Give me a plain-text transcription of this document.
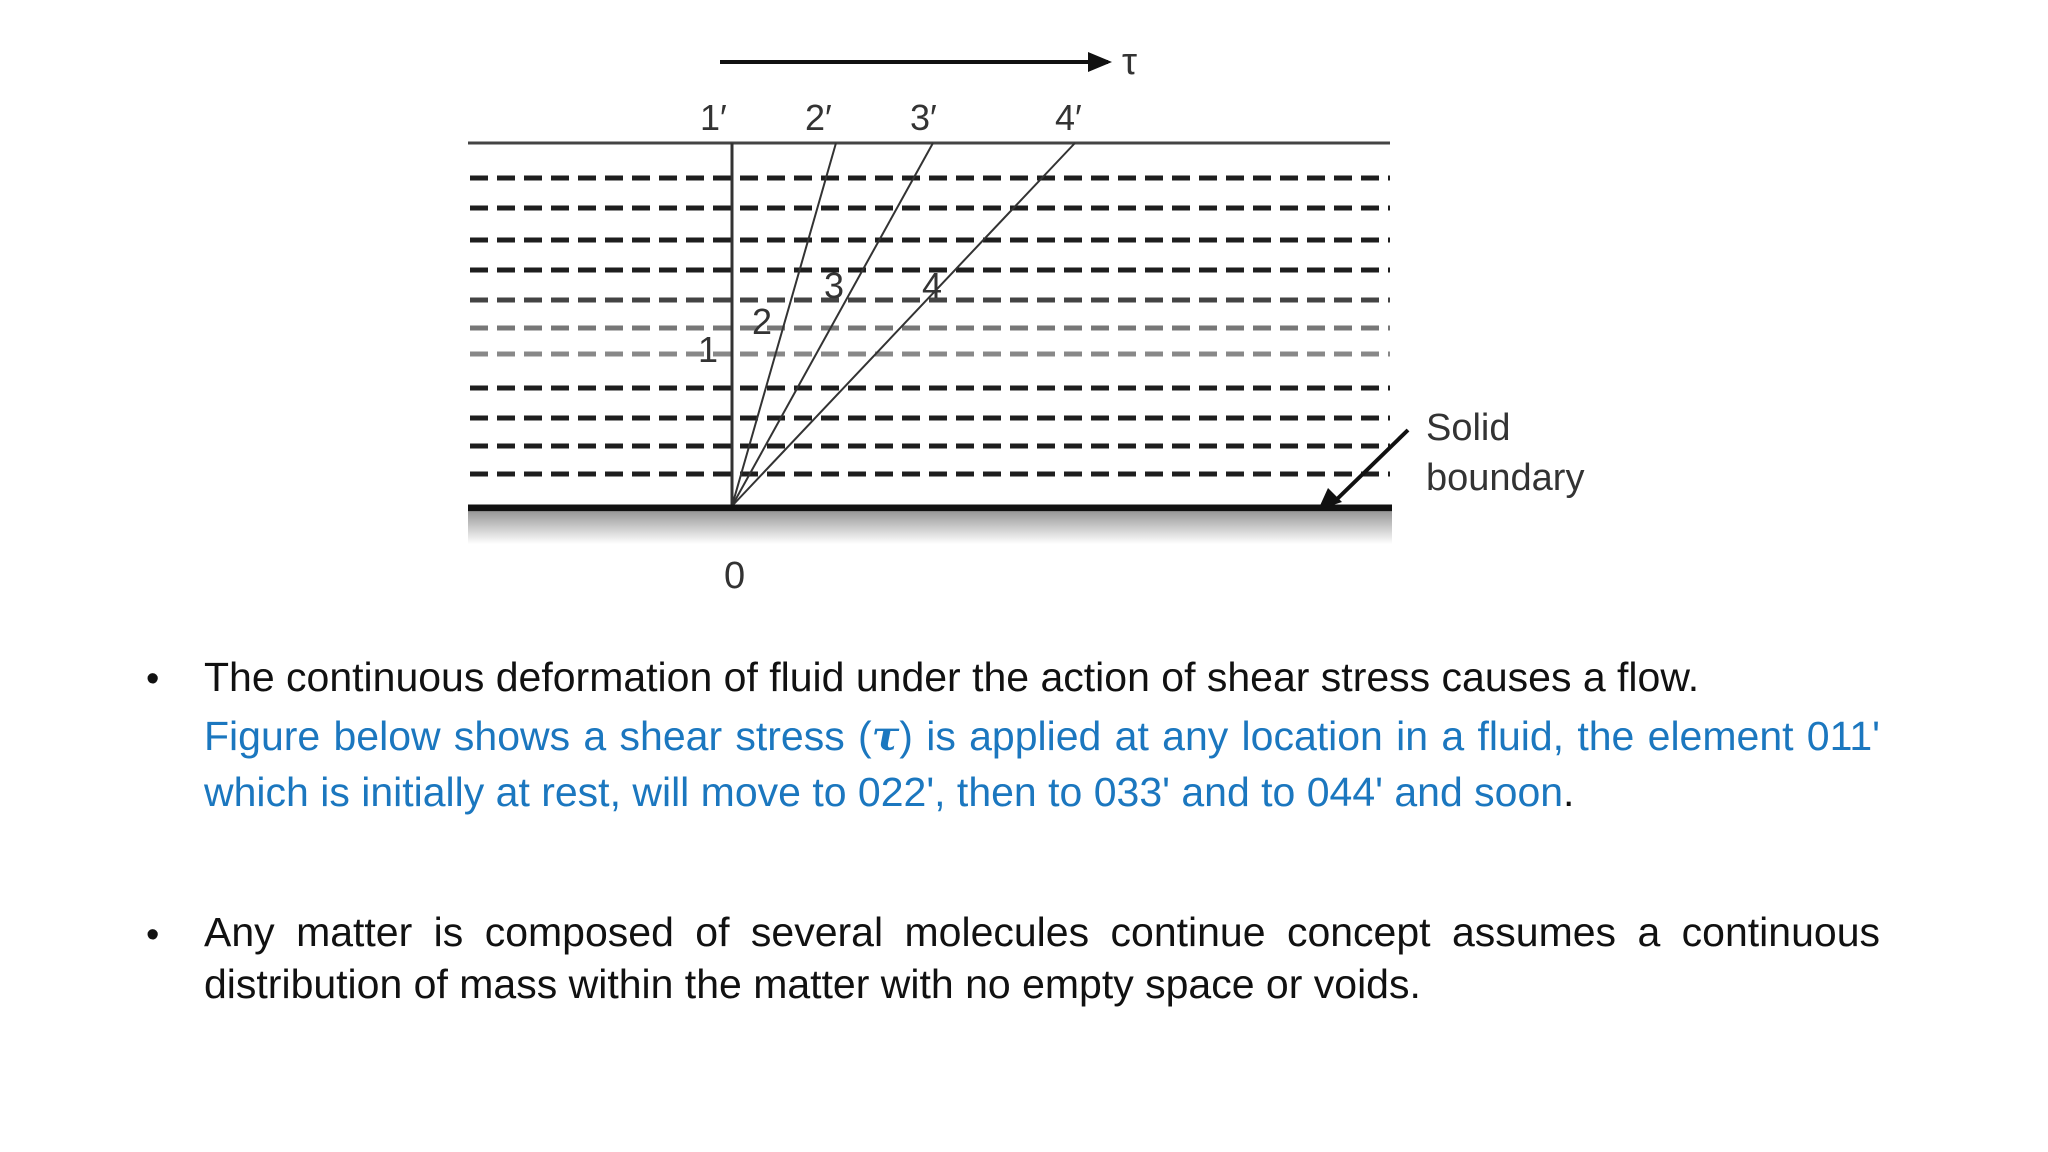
τ
1′ 2′ 3′	4′
1
2
3 4
0
Solid
boundary
• The continuous deformation of fluid under the action of shear stress causes a flow.
Figure below shows a shear stress (τ) is applied at any location in a fluid, the element 011' which is initially at rest, will move to 022', then to 033' and to 044' and soon.
• Any matter is composed of several molecules continue concept assumes a continuous distribution of mass within the matter with no empty space or voids.
